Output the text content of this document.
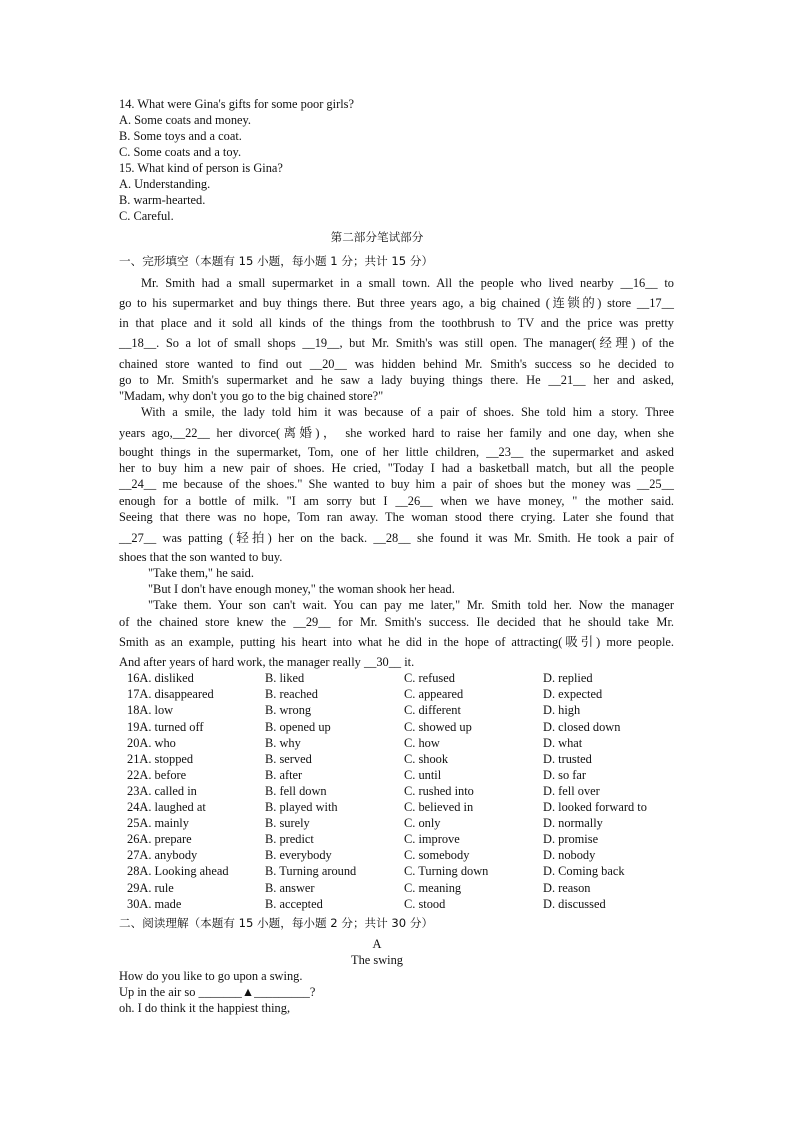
14. What were Gina's gifts for some poor girls?
A. Some coats and money.
B. Some toys and a coat.
C. Some coats and a toy.
15. What kind of person is Gina?
A. Understanding.
B. warm-hearted.
C. Careful.
第二部分笔试部分
一、完形填空（本题有 15 小题，每小题 1 分；共计 15 分）
Mr. Smith had a small supermarket in a small town. All the people who lived nearby __16__ to
go to his supermarket and buy things there. But three years ago, a big chained (连锁的) store __17__
in that place and it sold all kinds of the things from the toothbrush to TV and the price was pretty
__18__. So a lot of small shops __19__, but Mr. Smith's was still open. The manager(经理) of the
chained store wanted to find out __20__ was hidden behind Mr. Smith's success so he decided to
go to Mr. Smith's supermarket and he saw a lady buying things there. He __21__ her and asked,
"Madam, why don't you go to the big chained store?"
With a smile, the lady told him it was because of a pair of shoes. She told him a story. Three
years ago,__22__ her divorce(离婚)， she worked hard to raise her family and one day, when she
bought things in the supermarket, Tom, one of her little children, __23__ the supermarket and asked
her to buy him a new pair of shoes. He cried, "Today I had a basketball match, but all the people
__24__ me because of the shoes." She wanted to buy him a pair of shoes but the money was __25__
enough for a bottle of milk. "I am sorry but I __26__ when we have money, " the mother said.
Seeing that there was no hope, Tom ran away. The woman stood there crying. Later she found that
__27__ was patting (轻拍) her on the back. __28__ she found it was Mr. Smith. He took a pair of
shoes that the son wanted to buy.
"Take them," he said.
"But I don't have enough money," the woman shook her head.
"Take them. Your son can't wait. You can pay me later," Mr. Smith told her. Now the manager
of the chained store knew the __29__ for Mr. Smith's success. Ile decided that he should take Mr.
Smith as an example, putting his heart into what he did in the hope of attracting(吸引) more people.
And after years of hard work, the manager really __30__ it.
16A. disliked	B. liked	C. refused	D. replied
17A. disappeared	B. reached	C. appeared	D. expected
18A. low	B. wrong	C. different	D. high
19A. turned off	B. opened up	C. showed up	D. closed down
20A. who	B. why	C. how	D. what
21A. stopped	B. served	C. shook	D. trusted
22A. before	B. after	C. until	D. so far
23A. called in	B. fell down	C. rushed into	D. fell over
24A. laughed at	B. played with	C. believed in	D. looked forward to
25A. mainly	B. surely	C. only	D. normally
26A. prepare	B. predict	C. improve	D. promise
27A. anybody	B. everybody	C. somebody	D. nobody
28A. Looking ahead	B. Turning around	C. Turning down	D. Coming back
29A. rule	B. answer	C. meaning	D. reason
30A. made	B. accepted	C. stood	D. discussed
二、阅读理解（本题有 15 小题，每小题 2 分；共计 30 分）
A
The swing
How do you like to go upon a swing.
Up in the air so _______▲_________?
oh. I do think it the happiest thing,
